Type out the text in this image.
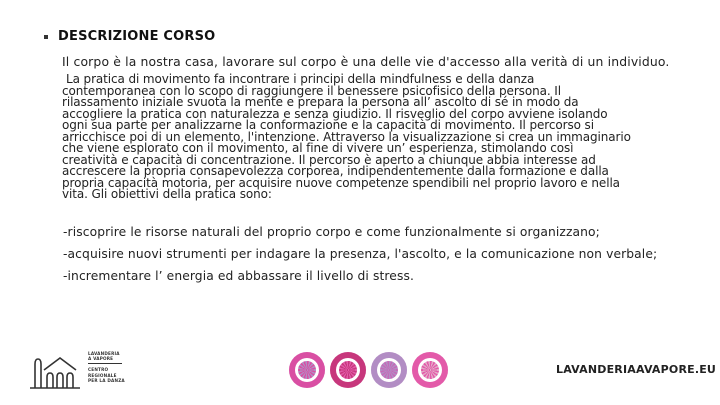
DESCRIZIONE CORSO
Il corpo è la nostra casa, lavorare sul corpo è una delle vie d'accesso alla verità di un individuo.
La pratica di movimento fa incontrare i principi della mindfulness e della danza
contemporanea con lo scopo di raggiungere il benessere psicofisico della persona. Il
rilassamento iniziale svuota la mente e prepara la persona all’ ascolto di sé in modo da
accogliere la pratica con naturalezza e senza giudizio. Il risveglio del corpo avviene isolando
ogni sua parte per analizzarne la conformazione e la capacità di movimento. Il percorso si
arricchisce poi di un elemento, l'intenzione. Attraverso la visualizzazione si crea un immaginario
che viene esplorato con il movimento, al fine di vivere un’ esperienza, stimolando così
creatività e capacità di concentrazione. Il percorso è aperto a chiunque abbia interesse ad
accrescere la propria consapevolezza corporea, indipendentemente dalla formazione e dalla
propria capacità motoria, per acquisire nuove competenze spendibili nel proprio lavoro e nella
vita. Gli obiettivi della pratica sono:
-riscoprire le risorse naturali del proprio corpo e come funzionalmente si organizzano;
-acquisire nuovi strumenti per indagare la presenza, l'ascolto, e la comunicazione non verbale;
-incrementare l’ energia ed abbassare il livello di stress.
LAVANDERIA
A VAPORE
CENTRO
REGIONALE
PER LA DANZA
LAVANDERIAAVAPORE.EU
